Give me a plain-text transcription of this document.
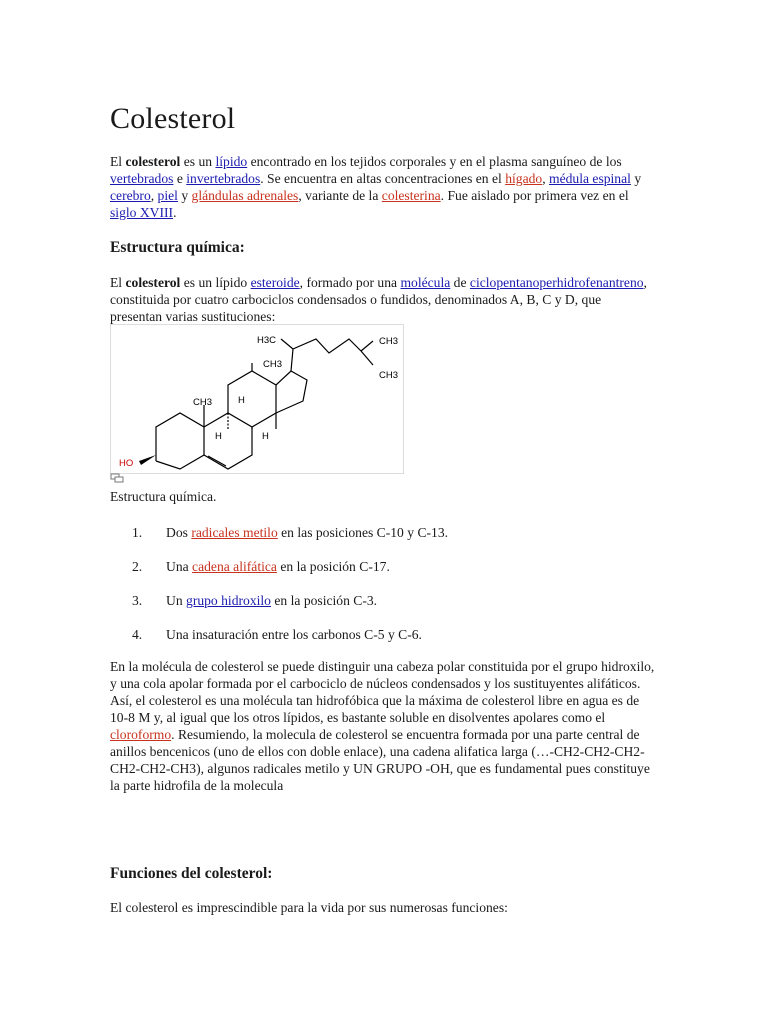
Colesterol

El colesterol es un lípido encontrado en los tejidos corporales y en el plasma sanguíneo de los vertebrados e invertebrados. Se encuentra en altas concentraciones en el hígado, médula espinal y cerebro, piel y glándulas adrenales, variante de la colesterina. Fue aislado por primera vez en el siglo XVIII.

Estructura química:

El colesterol es un lípido esteroide, formado por una molécula de ciclopentanoperhidrofenantreno, constituida por cuatro carbociclos condensados o fundidos, denominados A, B, C y D, que presentan varias sustituciones:

H3C	CH3
CH3
CH3
CH3	H
H	H
HO
Estructura química.
1. Dos radicales metilo en las posiciones C-10 y C-13.
2. Una cadena alifática en la posición C-17.
3. Un grupo hidroxilo en la posición C-3.
4. Una insaturación entre los carbonos C-5 y C-6.

En la molécula de colesterol se puede distinguir una cabeza polar constituida por el grupo hidroxilo, y una cola apolar formada por el carbociclo de núcleos condensados y los sustituyentes alifáticos. Así, el colesterol es una molécula tan hidrofóbica que la máxima de colesterol libre en agua es de 10-8 M y, al igual que los otros lípidos, es bastante soluble en disolventes apolares como el cloroformo. Resumiendo, la molecula de colesterol se encuentra formada por una parte central de anillos bencenicos (uno de ellos con doble enlace), una cadena alifatica larga (…-CH2-CH2-CH2-CH2-CH2-CH3), algunos radicales metilo y UN GRUPO -OH, que es fundamental pues constituye la parte hidrofila de la molecula

Funciones del colesterol:

El colesterol es imprescindible para la vida por sus numerosas funciones:
